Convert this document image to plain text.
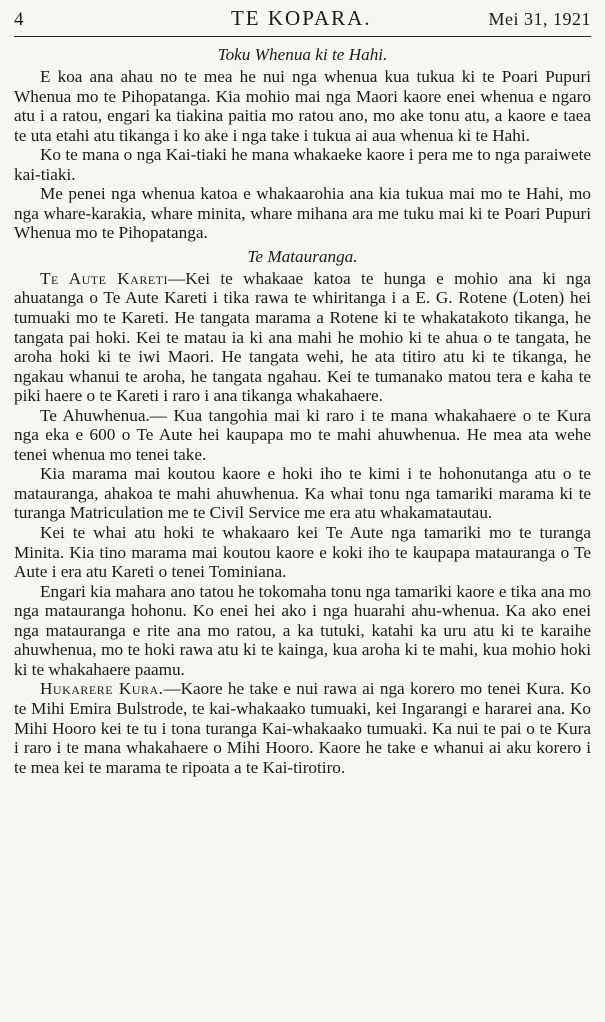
4	TE KOPARA.	Mei 31, 1921
Toku Whenua ki te Hahi.

E koa ana ahau no te mea he nui nga whenua kua tukua ki te Poari Pupuri Whenua mo te Pihopatanga. Kia mohio mai nga Maori kaore enei whenua e ngaro atu i a ratou, engari ka tiakina paitia mo ratou ano, mo ake tonu atu, a kaore e taea te uta etahi atu tikanga i ko ake i nga take i tukua ai aua whenua ki te Hahi.

Ko te mana o nga Kai-tiaki he mana whakaeke kaore i pera me to nga paraiwete kai-tiaki.

Me penei nga whenua katoa e whakaarohia ana kia tukua mai mo te Hahi, mo nga whare-karakia, whare minita, whare mihana ara me tuku mai ki te Poari Pupuri Whenua mo te Pihopatanga.

Te Matauranga.

Te Aute Kareti—Kei te whakaae katoa te hunga e mohio ana ki nga ahuatanga o Te Aute Kareti i tika rawa te whiritanga i a E. G. Rotene (Loten) hei tumuaki mo te Kareti. He tangata marama a Rotene ki te whakatakoto tikanga, he tangata pai hoki. Kei te matau ia ki ana mahi he mohio ki te ahua o te tangata, he aroha hoki ki te iwi Maori. He tangata wehi, he ata titiro atu ki te tikanga, he ngakau whanui te aroha, he tangata ngahau. Kei te tumanako matou tera e kaha te piki haere o te Kareti i raro i ana tikanga whakahaere.

Te Ahuwhenua.— Kua tangohia mai ki raro i te mana whakahaere o te Kura nga eka e 600 o Te Aute hei kaupapa mo te mahi ahuwhenua. He mea ata wehe tenei whenua mo tenei take.

Kia marama mai koutou kaore e hoki iho te kimi i te hohonutanga atu o te matauranga, ahakoa te mahi ahuwhenua. Ka whai tonu nga tamariki marama ki te turanga Matriculation me te Civil Service me era atu whakamatautau.

Kei te whai atu hoki te whakaaro kei Te Aute nga tamariki mo te turanga Minita. Kia tino marama mai koutou kaore e koki iho te kaupapa matauranga o Te Aute i era atu Kareti o tenei Tominiana.

Engari kia mahara ano tatou he tokomaha tonu nga tamariki kaore e tika ana mo nga matauranga hohonu. Ko enei hei ako i nga huarahi ahu-whenua. Ka ako enei nga matauranga e rite ana mo ratou, a ka tutuki, katahi ka uru atu ki te karaihe ahuwhenua, mo te hoki rawa atu ki te kainga, kua aroha ki te mahi, kua mohio hoki ki te whakahaere paamu.

Hukarere Kura.—Kaore he take e nui rawa ai nga korero mo tenei Kura. Ko te Mihi Emira Bulstrode, te kai-whakaako tumuaki, kei Ingarangi e hararei ana. Ko Mihi Hooro kei te tu i tona turanga Kai-whakaako tumuaki. Ka nui te pai o te Kura i raro i te mana whakahaere o Mihi Hooro. Kaore he take e whanui ai aku korero i te mea kei te marama te ripoata a te Kai-tirotiro.
